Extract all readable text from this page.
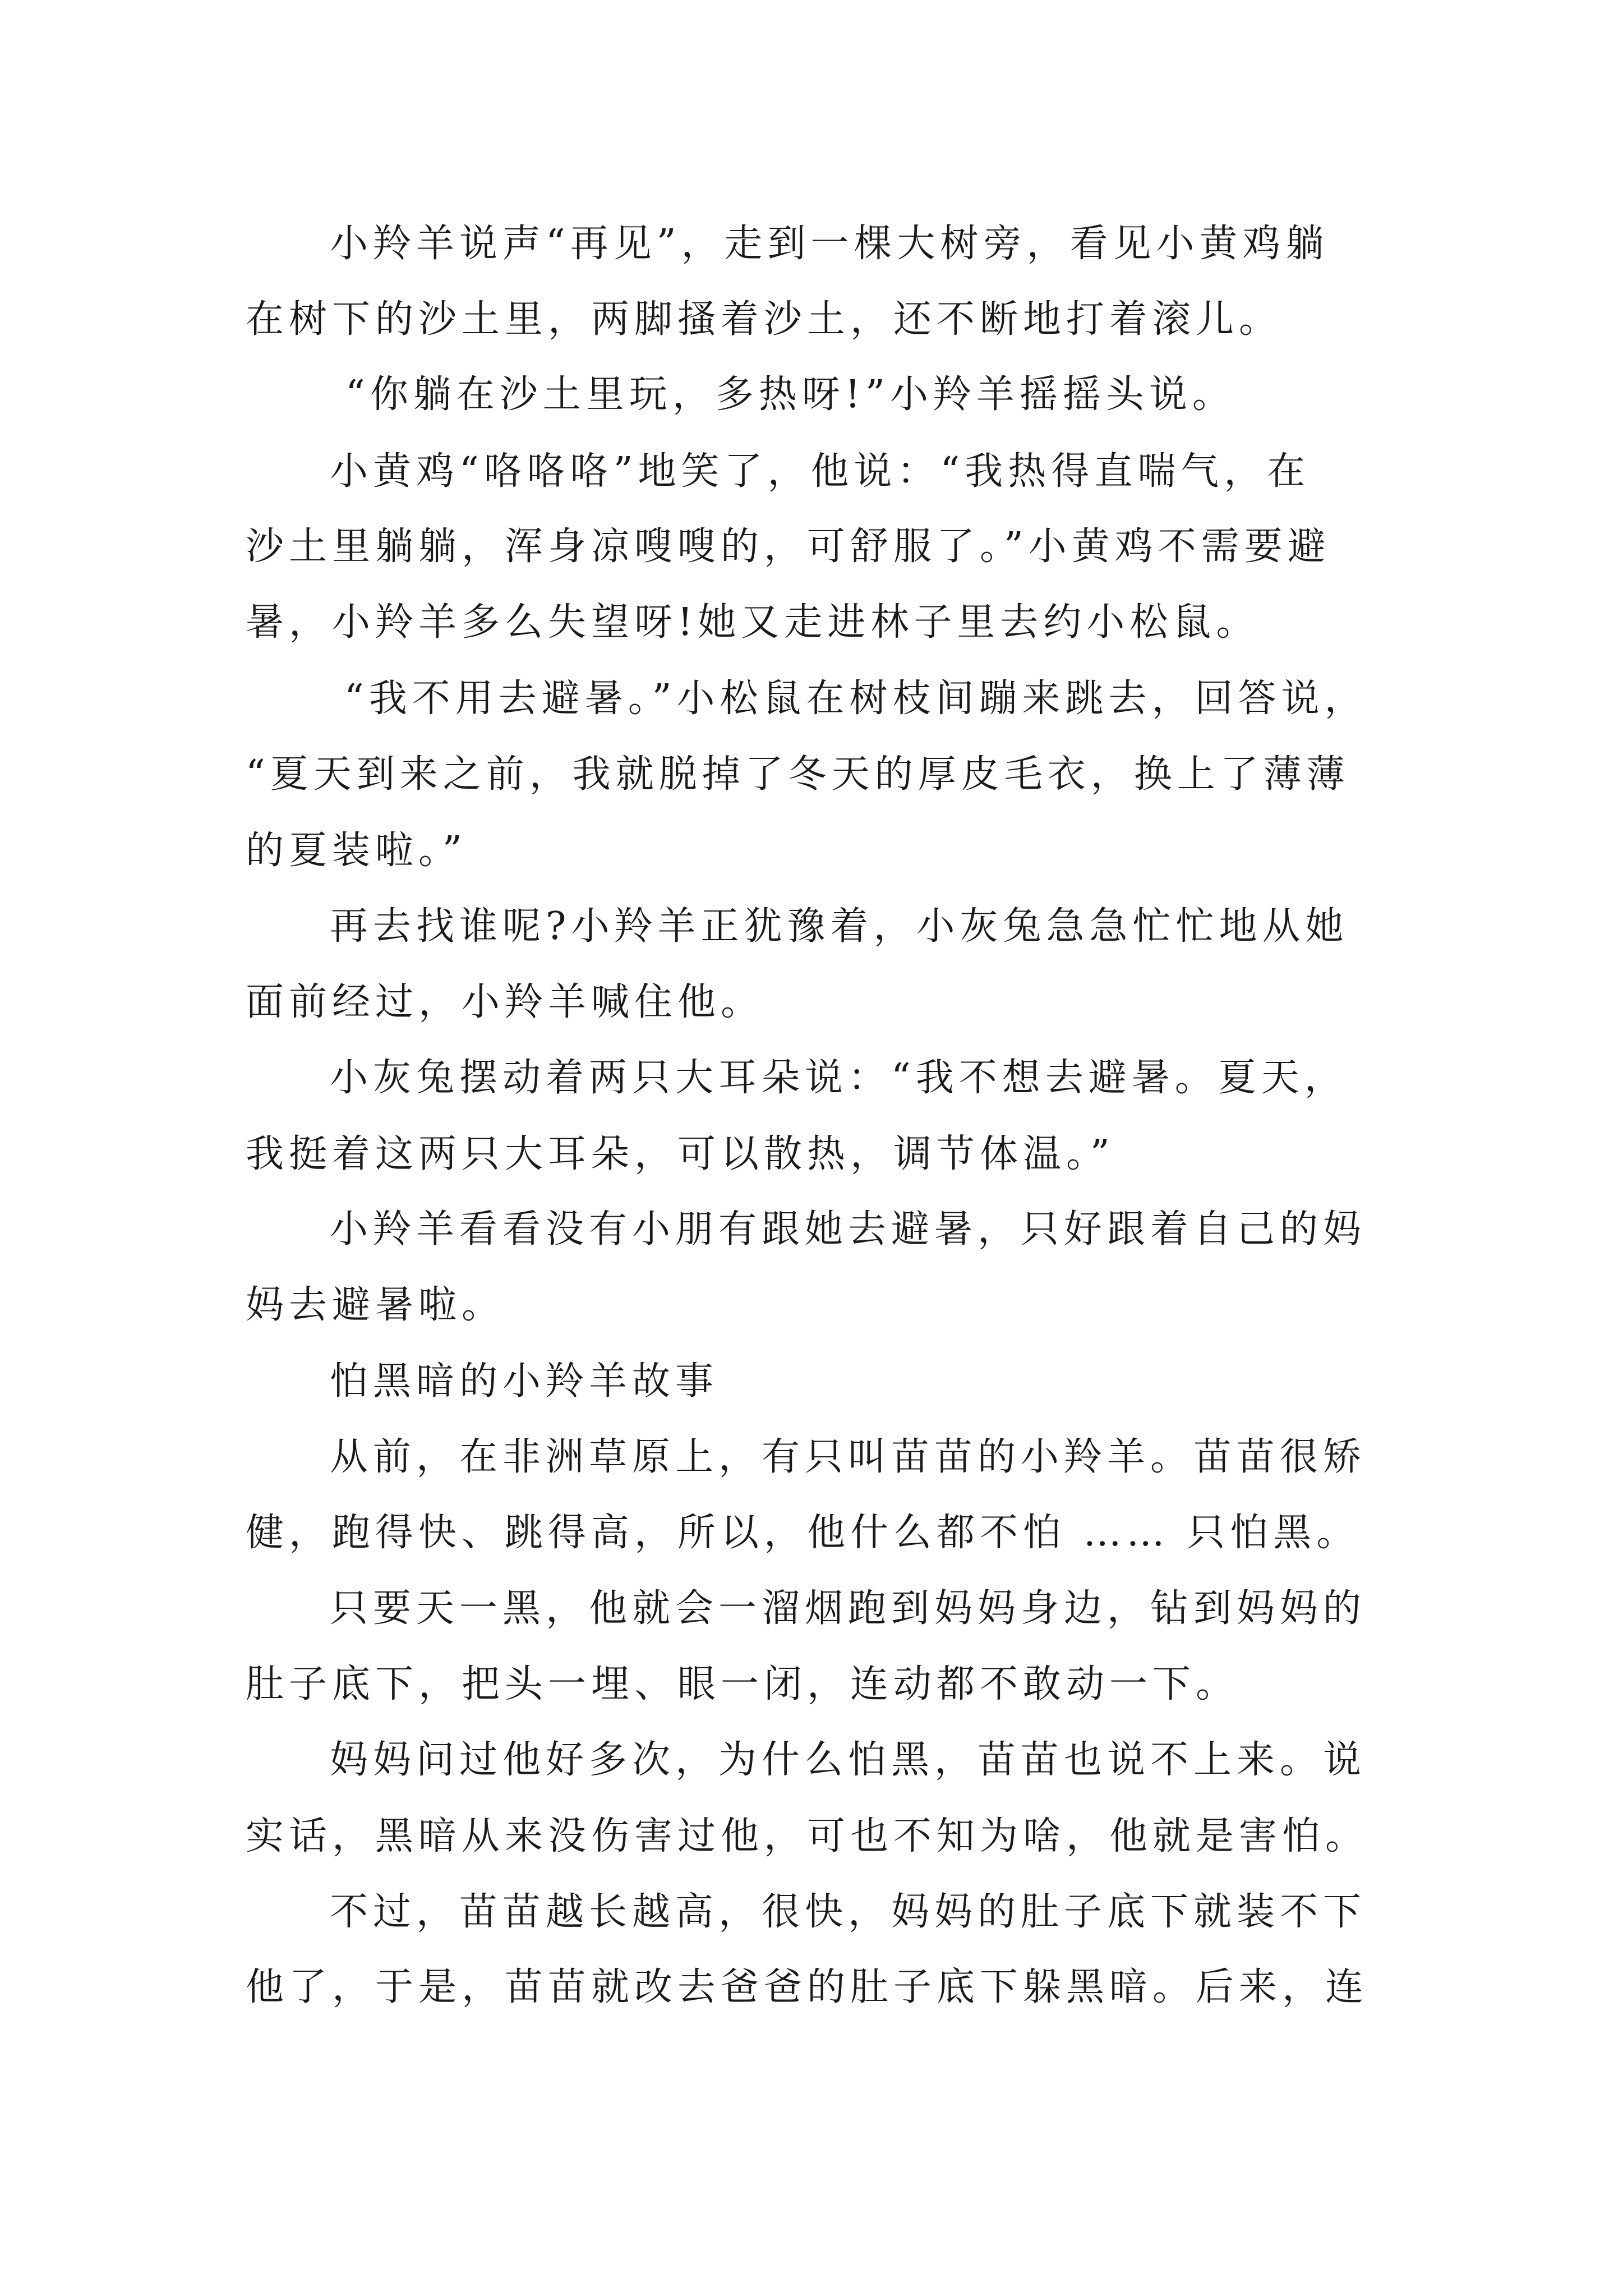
小羚羊说声“再见”，走到一棵大树旁，看见小黄鸡躺
在树下的沙土里，两脚搔着沙土，还不断地打着滚儿。
“你躺在沙土里玩，多热呀!”小羚羊摇摇头说。
小黄鸡“咯咯咯”地笑了，他说：“我热得直喘气，在
沙土里躺躺，浑身凉嗖嗖的，可舒服了。”小黄鸡不需要避
暑，小羚羊多么失望呀!她又走进林子里去约小松鼠。
“我不用去避暑。”小松鼠在树枝间蹦来跳去，回答说，
“夏天到来之前，我就脱掉了冬天的厚皮毛衣，换上了薄薄
的夏装啦。”
再去找谁呢?小羚羊正犹豫着，小灰兔急急忙忙地从她
面前经过，小羚羊喊住他。
小灰兔摆动着两只大耳朵说：“我不想去避暑。夏天，
我挺着这两只大耳朵，可以散热，调节体温。”
小羚羊看看没有小朋有跟她去避暑，只好跟着自己的妈
妈去避暑啦。
怕黑暗的小羚羊故事
从前，在非洲草原上，有只叫苗苗的小羚羊。苗苗很矫
健，跑得快、跳得高，所以，他什么都不怕 …… 只怕黑。
只要天一黑，他就会一溜烟跑到妈妈身边，钻到妈妈的
肚子底下，把头一埋、眼一闭，连动都不敢动一下。
妈妈问过他好多次，为什么怕黑，苗苗也说不上来。说
实话，黑暗从来没伤害过他，可也不知为啥，他就是害怕。
不过，苗苗越长越高，很快，妈妈的肚子底下就装不下
他了，于是，苗苗就改去爸爸的肚子底下躲黑暗。后来，连
